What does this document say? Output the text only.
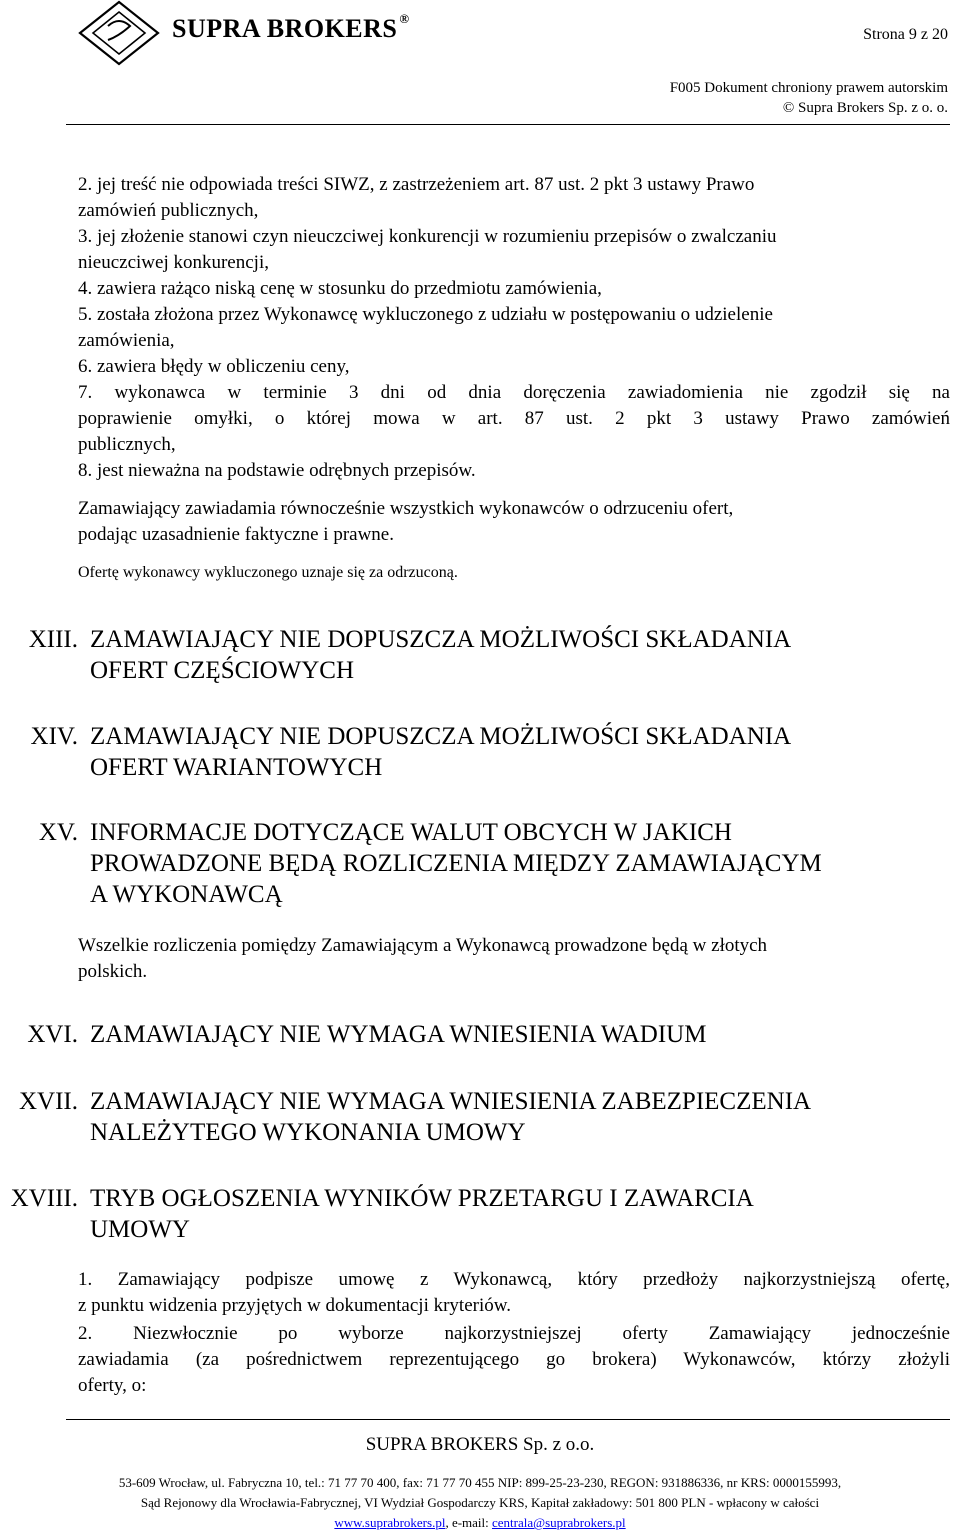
SUPRA BROKERS ®
Strona 9 z 20
F005 Dokument chroniony prawem autorskim
© Supra Brokers Sp. z o. o.

2. jej treść nie odpowiada treści SIWZ, z zastrzeżeniem art. 87 ust. 2 pkt 3 ustawy Prawo

zamówień publicznych,

3. jej złożenie stanowi czyn nieuczciwej konkurencji w rozumieniu przepisów o zwalczaniu

nieuczciwej konkurencji,

4. zawiera rażąco niską cenę w stosunku do przedmiotu zamówienia,

5. została złożona przez Wykonawcę wykluczonego z udziału w postępowaniu o udzielenie

zamówienia,

6. zawiera błędy w obliczeniu ceny,

7. wykonawca w terminie 3 dni od dnia doręczenia zawiadomienia nie zgodził się na

poprawienie omyłki, o której mowa w art. 87 ust. 2 pkt 3 ustawy Prawo zamówień

publicznych,

8. jest nieważna na podstawie odrębnych przepisów.

Zamawiający zawiadamia równocześnie wszystkich wykonawców o odrzuceniu ofert,

podając uzasadnienie faktyczne i prawne.

Ofertę wykonawcy wykluczonego uznaje się za odrzuconą.

XIII. ZAMAWIAJĄCY NIE DOPUSZCZA MOŻLIWOŚCI SKŁADANIA
OFERT CZĘŚCIOWYCH
XIV. ZAMAWIAJĄCY NIE DOPUSZCZA MOŻLIWOŚCI SKŁADANIA
OFERT WARIANTOWYCH
XV. INFORMACJE DOTYCZĄCE WALUT OBCYCH W JAKICH
PROWADZONE BĘDĄ ROZLICZENIA MIĘDZY ZAMAWIAJĄCYM
A WYKONAWCĄ
Wszelkie rozliczenia pomiędzy Zamawiającym a Wykonawcą prowadzone będą w złotych
polskich.
XVI. ZAMAWIAJĄCY NIE WYMAGA WNIESIENIA WADIUM
XVII. ZAMAWIAJĄCY NIE WYMAGA WNIESIENIA ZABEZPIECZENIA
NALEŻYTEGO WYKONANIA UMOWY
XVIII. TRYB OGŁOSZENIA WYNIKÓW PRZETARGU I ZAWARCIA
UMOWY
1. Zamawiający podpisze umowę z Wykonawcą, który przedłoży najkorzystniejszą ofertę,
z punktu widzenia przyjętych w dokumentacji kryteriów.
2. Niezwłocznie po wyborze najkorzystniejszej oferty Zamawiający jednocześnie
zawiadamia (za pośrednictwem reprezentującego go brokera) Wykonawców, którzy złożyli
oferty, o:
SUPRA BROKERS Sp. z o.o.
53-609 Wrocław, ul. Fabryczna 10, tel.: 71 77 70 400, fax: 71 77 70 455 NIP: 899-25-23-230, REGON: 931886336, nr KRS: 0000155993,
Sąd Rejonowy dla Wrocławia-Fabrycznej, VI Wydział Gospodarczy KRS, Kapitał zakładowy: 501 800 PLN - wpłacony w całości
www.suprabrokers.pl, e-mail: centrala@suprabrokers.pl
